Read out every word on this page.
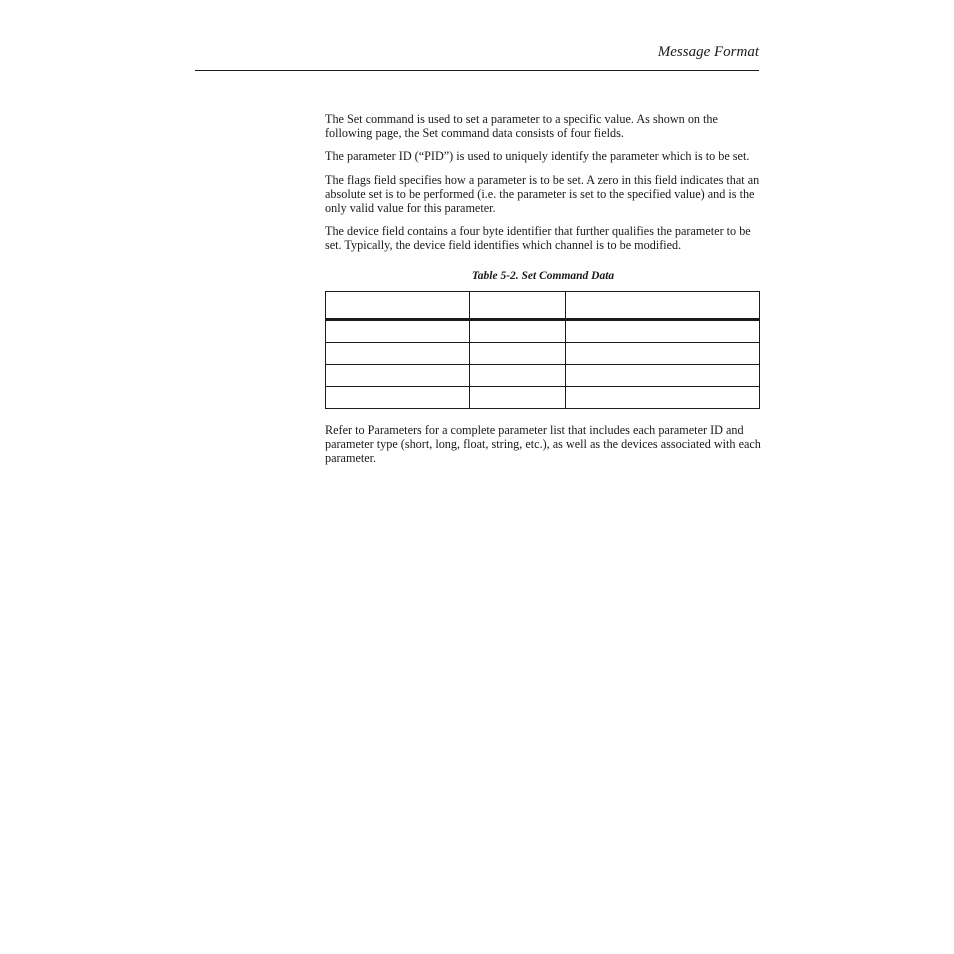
Message Format

The Set command is used to set a parameter to a specific value. As shown on the following page, the Set command data consists of four fields.

The parameter ID (“PID”) is used to uniquely identify the parameter which is to be set.

The flags field specifies how a parameter is to be set. A zero in this field indicates that an absolute set is to be performed (i.e. the parameter is set to the specified value) and is the only valid value for this parameter.

The device field contains a four byte identifier that further qualifies the parameter to be set. Typically, the device field identifies which channel is to be modified.

Table 5-2. Set Command Data

Refer to Parameters for a complete parameter list that includes each parameter ID and parameter type (short, long, float, string, etc.), as well as the devices associated with each parameter.
